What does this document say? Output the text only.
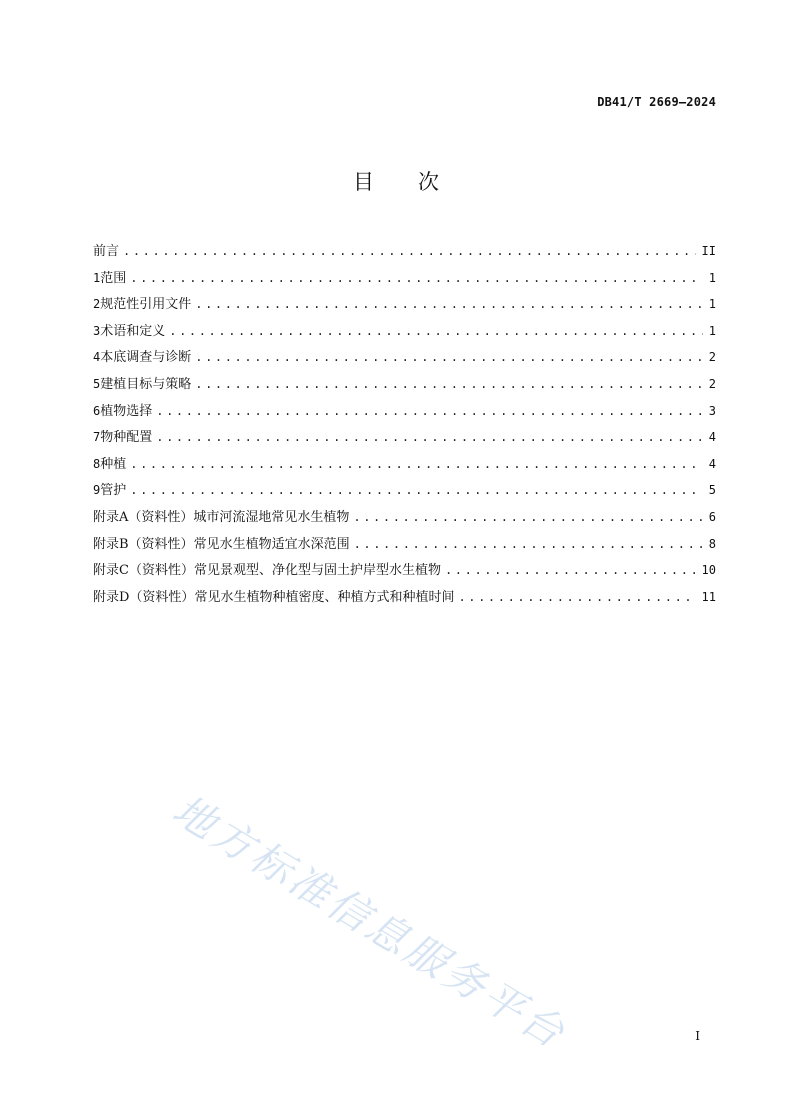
DB41/T 2669—2024
目 次
前言 .....	II
1 范围 .....	1
2 规范性引用文件 .....	1
3 术语和定义 .....	1
4 本底调查与诊断 .....	2
5 建植目标与策略 .....	2
6 植物选择 .....	3
7 物种配置 .....	4
8 种植 .....	4
9 管护 .....	5
附录A（资料性） 城市河流湿地常见水生植物 .....	6
附录B（资料性） 常见水生植物适宜水深范围 .....	8
附录C（资料性） 常见景观型、净化型与固土护岸型水生植物 .....	10
附录D（资料性） 常见水生植物种植密度、种植方式和种植时间 .....	11
地方标准信息服务平台	I
